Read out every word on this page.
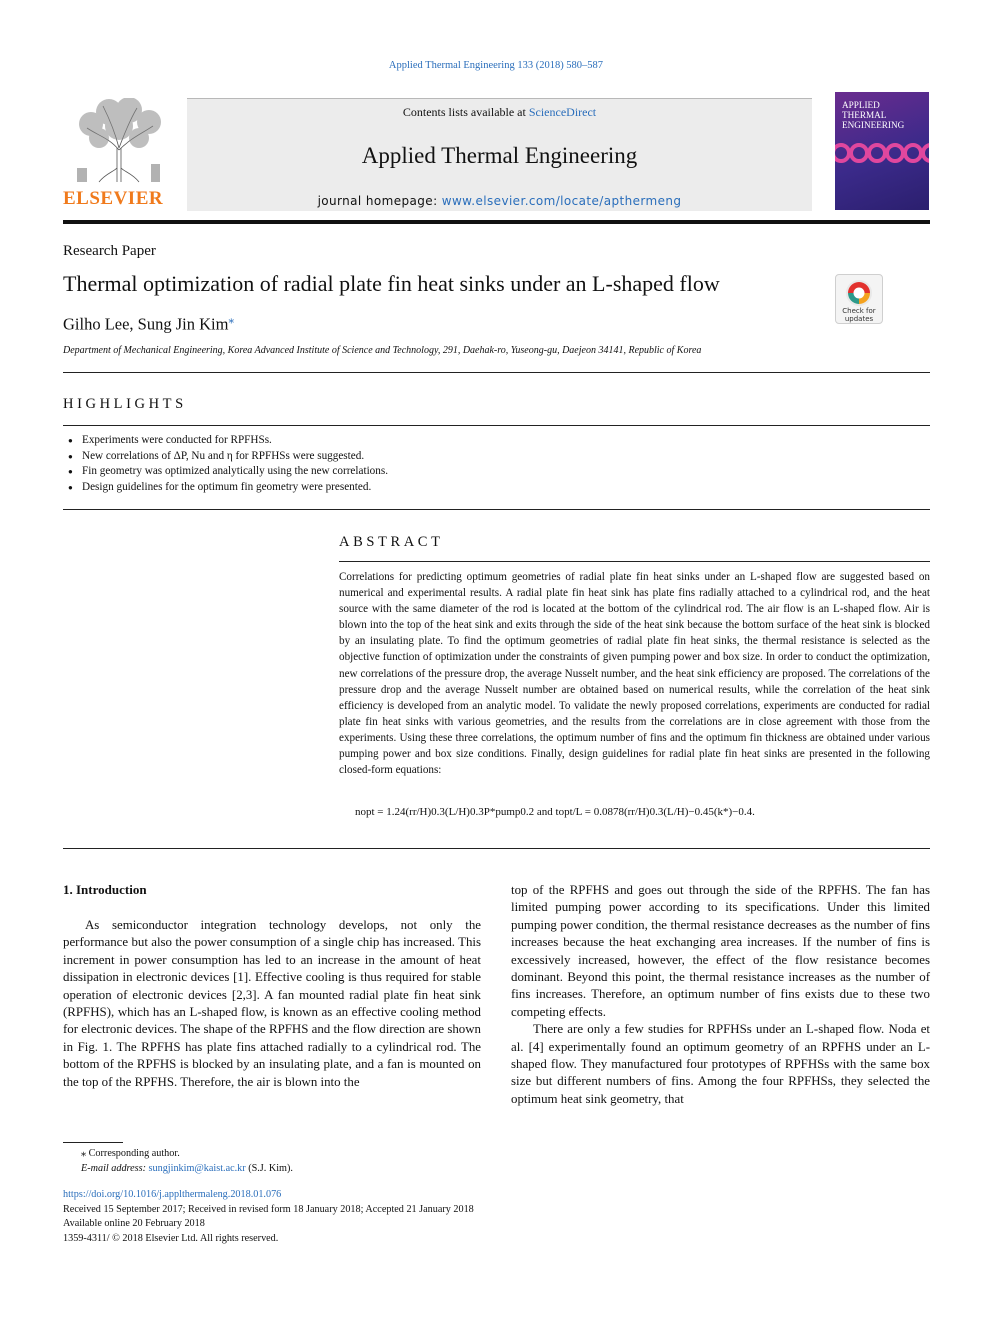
Applied Thermal Engineering 133 (2018) 580–587
ELSEVIER
Contents lists available at ScienceDirect
Applied Thermal Engineering
journal homepage: www.elsevier.com/locate/apthermeng
APPLIED
THERMAL
ENGINEERING
Research Paper
Thermal optimization of radial plate fin heat sinks under an L-shaped flow
Check for
updates
Gilho Lee, Sung Jin Kim⁎
Department of Mechanical Engineering, Korea Advanced Institute of Science and Technology, 291, Daehak-ro, Yuseong-gu, Daejeon 34141, Republic of Korea
HIGHLIGHTS
● Experiments were conducted for RPFHSs.
● New correlations of ΔP, Nu and η for RPFHSs were suggested.
● Fin geometry was optimized analytically using the new correlations.
● Design guidelines for the optimum fin geometry were presented.
ABSTRACT

Correlations for predicting optimum geometries of radial plate fin heat sinks under an L-shaped flow are suggested based on numerical and experimental results. A radial plate fin heat sink has plate fins radially attached to a cylindrical rod, and the heat source with the same diameter of the rod is located at the bottom of the cylindrical rod. The air flow is an L-shaped flow. Air is blown into the top of the heat sink and exits through the side of the heat sink because the bottom surface of the heat sink is blocked by an insulating plate. To find the optimum geometries of radial plate fin heat sinks, the thermal resistance is selected as the objective function of optimization under the constraints of given pumping power and box size. In order to conduct the optimization, new correlations of the pressure drop, the average Nusselt number, and the heat sink efficiency are proposed. The correlations of the pressure drop and the average Nusselt number are obtained based on numerical results, while the correlation of the heat sink efficiency is developed from an analytic model. To validate the newly proposed correlations, experiments are conducted for radial plate fin heat sinks with various geometries, and the results from the correlations are in close agreement with those from the experiments. Using these three correlations, the optimum number of fins and the optimum fin thickness are obtained under various pumping power and box size conditions. Finally, design guidelines for radial plate fin heat sinks are presented in the following closed-form equations:

nopt = 1.24(rr/H)0.3(L/H)0.3P*pump0.2 and topt/L = 0.0878(rr/H)0.3(L/H)−0.45(k*)−0.4.
1. Introduction

As semiconductor integration technology develops, not only the performance but also the power consumption of a single chip has increased. This increment in power consumption has led to an increase in the amount of heat dissipation in electronic devices [1]. Effective cooling is thus required for stable operation of electronic devices [2,3]. A fan mounted radial plate fin heat sink (RPFHS), which has an L-shaped flow, is known as an effective cooling method for electronic devices. The shape of the RPFHS and the flow direction are shown in Fig. 1. The RPFHS has plate fins attached radially to a cylindrical rod. The bottom of the RPFHS is blocked by an insulating plate, and a fan is mounted on the top of the RPFHS. Therefore, the air is blown into the

top of the RPFHS and goes out through the side of the RPFHS. The fan has limited pumping power according to its specifications. Under this limited pumping power condition, the thermal resistance decreases as the number of fins increases because the heat exchanging area increases. If the number of fins is excessively increased, however, the effect of the flow resistance becomes dominant. Beyond this point, the thermal resistance increases as the number of fins increases. Therefore, an optimum number of fins exists due to these two competing effects.

There are only a few studies for RPFHSs under an L-shaped flow. Noda et al. [4] experimentally found an optimum geometry of an RPFHS under an L-shaped flow. They manufactured four prototypes of RPFHSs with the same box size but different numbers of fins. Among the four RPFHSs, they selected the optimum heat sink geometry, that

⁎ Corresponding author.
E-mail address: sungjinkim@kaist.ac.kr (S.J. Kim).
https://doi.org/10.1016/j.applthermaleng.2018.01.076
Received 15 September 2017; Received in revised form 18 January 2018; Accepted 21 January 2018
Available online 20 February 2018
1359-4311/ © 2018 Elsevier Ltd. All rights reserved.
